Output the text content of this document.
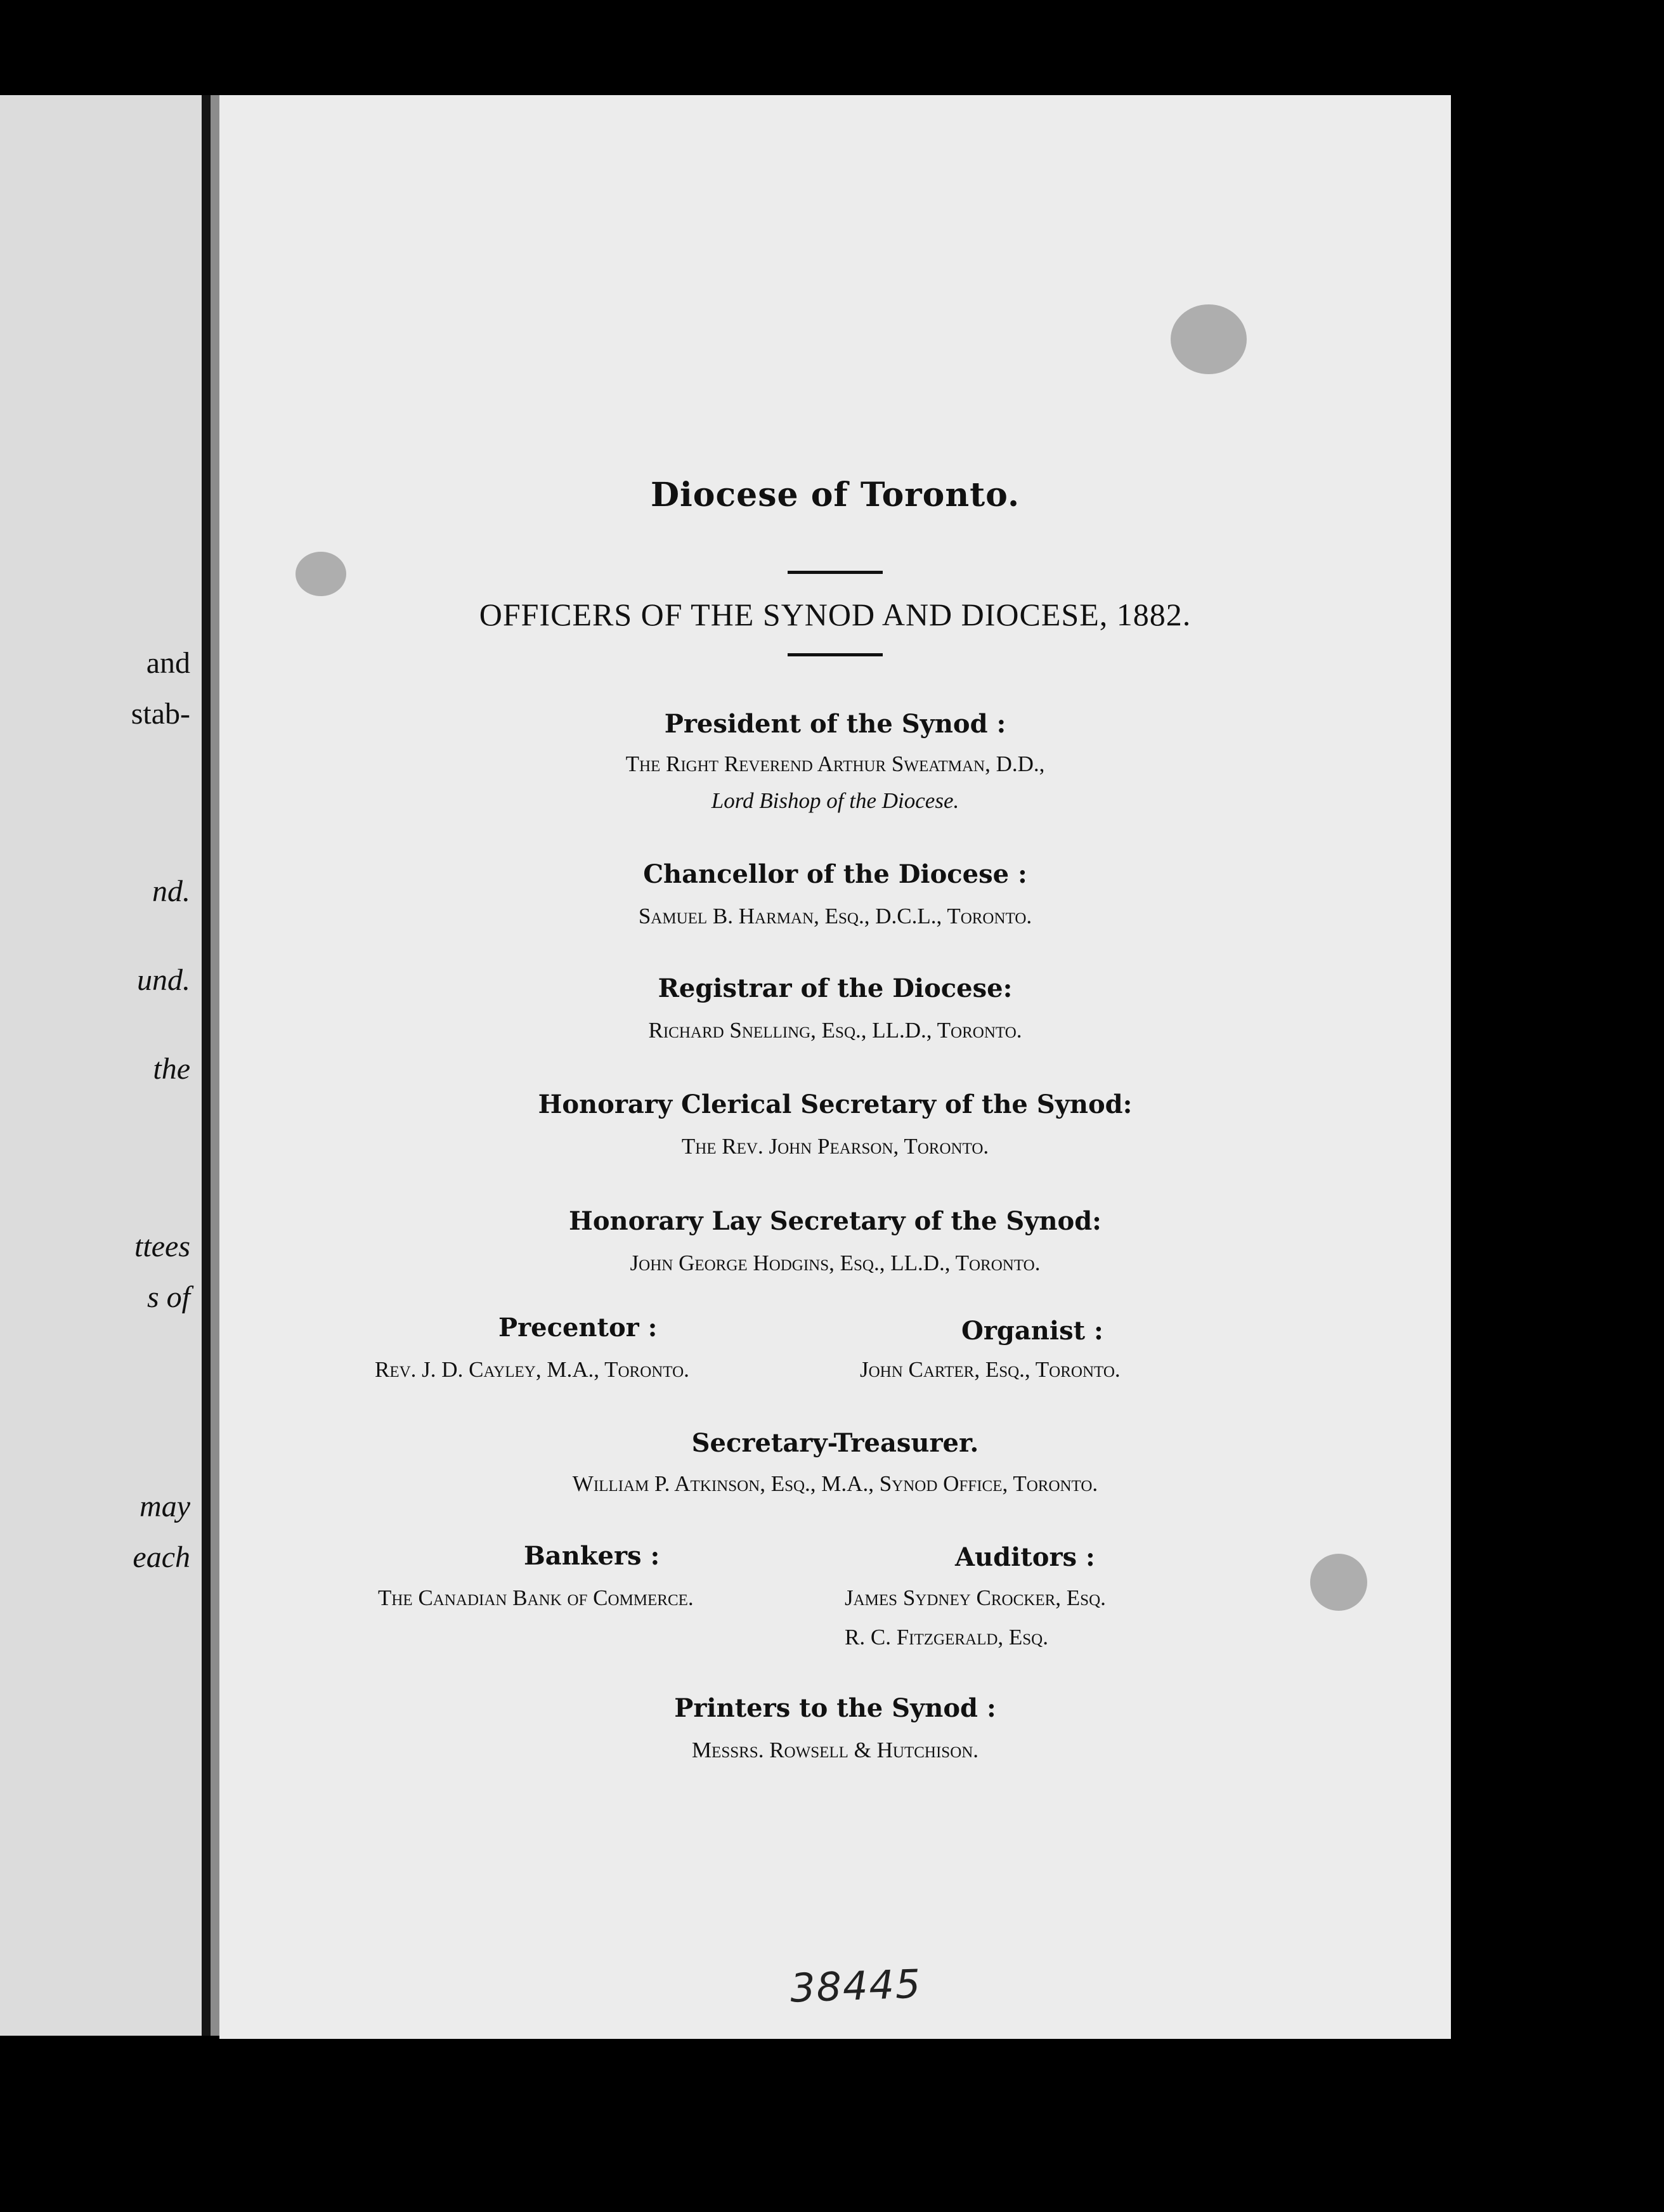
and
stab-
nd.
und.
the
ttees
s of
may
each
Diocese of Toronto.
OFFICERS OF THE SYNOD AND DIOCESE, 1882.
President of the Synod :
The Right Reverend Arthur Sweatman, D.D.,
Lord Bishop of the Diocese.
Chancellor of the Diocese :
Samuel B. Harman, Esq., D.C.L., Toronto.
Registrar of the Diocese:
Richard Snelling, Esq., LL.D., Toronto.
Honorary Clerical Secretary of the Synod:
The Rev. John Pearson, Toronto.
Honorary Lay Secretary of the Synod:
John George Hodgins, Esq., LL.D., Toronto.
Precentor :
Rev. J. D. Cayley, M.A., Toronto.
Organist :
John Carter, Esq., Toronto.
Secretary-Treasurer.
William P. Atkinson, Esq., M.A., Synod Office, Toronto.
Bankers :
The Canadian Bank of Commerce.
Auditors :
James Sydney Crocker, Esq.
R. C. Fitzgerald, Esq.
Printers to the Synod :
Messrs. Rowsell & Hutchison.
38445
